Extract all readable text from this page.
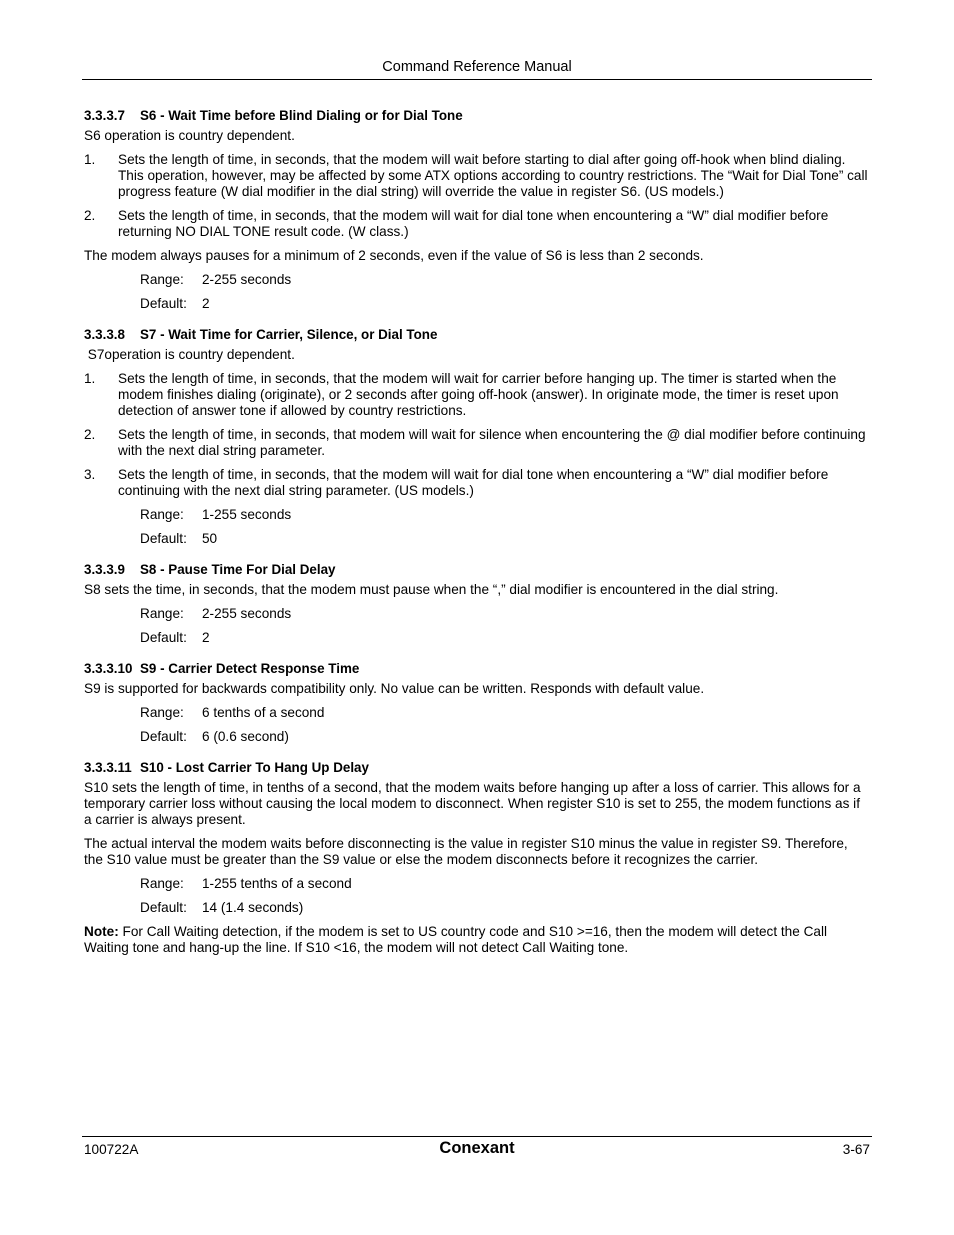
Command Reference Manual
3.3.3.7 S6 - Wait Time before Blind Dialing or for Dial Tone

S6 operation is country dependent.

1. Sets the length of time, in seconds, that the modem will wait before starting to dial after going off-hook when blind dialing. This operation, however, may be affected by some ATX options according to country restrictions. The “Wait for Dial Tone” call progress feature (W dial modifier in the dial string) will override the value in register S6. (US models.)
2. Sets the length of time, in seconds, that the modem will wait for dial tone when encountering a “W” dial modifier before returning NO DIAL TONE result code. (W class.)

The modem always pauses for a minimum of 2 seconds, even if the value of S6 is less than 2 seconds.

Range:	2-255 seconds
Default:	2
3.3.3.8 S7 - Wait Time for Carrier, Silence, or Dial Tone

S7operation is country dependent.

1. Sets the length of time, in seconds, that the modem will wait for carrier before hanging up. The timer is started when the modem finishes dialing (originate), or 2 seconds after going off-hook (answer). In originate mode, the timer is reset upon detection of answer tone if allowed by country restrictions.
2. Sets the length of time, in seconds, that modem will wait for silence when encountering the @ dial modifier before continuing with the next dial string parameter.
3. Sets the length of time, in seconds, that the modem will wait for dial tone when encountering a “W” dial modifier before continuing with the next dial string parameter. (US models.)
Range:	1-255 seconds
Default:	50
3.3.3.9 S8 - Pause Time For Dial Delay

S8 sets the time, in seconds, that the modem must pause when the “,” dial modifier is encountered in the dial string.

Range:	2-255 seconds
Default:	2
3.3.3.10 S9 - Carrier Detect Response Time

S9 is supported for backwards compatibility only. No value can be written. Responds with default value.

Range:	6 tenths of a second
Default:	6 (0.6 second)
3.3.3.11 S10 - Lost Carrier To Hang Up Delay

S10 sets the length of time, in tenths of a second, that the modem waits before hanging up after a loss of carrier. This allows for a temporary carrier loss without causing the local modem to disconnect. When register S10 is set to 255, the modem functions as if a carrier is always present.

The actual interval the modem waits before disconnecting is the value in register S10 minus the value in register S9. Therefore, the S10 value must be greater than the S9 value or else the modem disconnects before it recognizes the carrier.

Range:	1-255 tenths of a second
Default:	14 (1.4 seconds)

Note: For Call Waiting detection, if the modem is set to US country code and S10 >=16, then the modem will detect the Call Waiting tone and hang-up the line. If S10 <16, the modem will not detect Call Waiting tone.

100722A	Conexant	3-67
